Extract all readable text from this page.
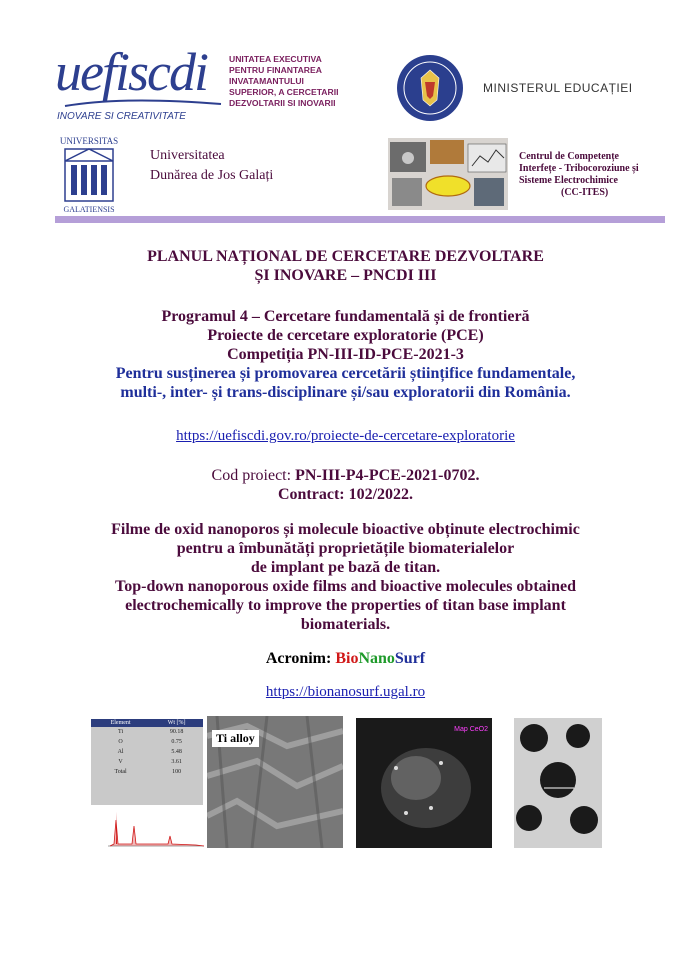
uefiscdi
INOVARE SI CREATIVITATE
UNITATEA EXECUTIVA
PENTRU FINANTAREA
INVATAMANTULUI
SUPERIOR, A CERCETARII
DEZVOLTARII SI INOVARII
MINISTERUL EDUCAȚIEI
UNIVERSITAS
GALATIENSIS
Universitatea
Dunărea de Jos Galați
Centrul de Competențe
Interfețe - Tribocoroziune și
Sisteme Electrochimice
(CC-ITES)
PLANUL NAȚIONAL DE CERCETARE DEZVOLTARE
ȘI INOVARE – PNCDI III
Programul 4 – Cercetare fundamentală și de frontieră
Proiecte de cercetare exploratorie (PCE)
Competiția PN-III-ID-PCE-2021-3
Pentru susținerea și promovarea cercetării științifice fundamentale,
multi-, inter- și trans-disciplinare și/sau exploratorii din România.
https://uefiscdi.gov.ro/proiecte-de-cercetare-exploratorie
Cod proiect: PN-III-P4-PCE-2021-0702.
Contract: 102/2022.
Filme de oxid nanoporos și molecule bioactive obținute electrochimic
pentru a îmbunătăți proprietățile biomaterialelor
de implant pe bază de titan.
Top-down nanoporous oxide films and bioactive molecules obtained
electrochemically to improve the properties of titan base implant
biomaterials.
Acronim: BioNanoSurf
https://bionanosurf.ugal.ro
Element	Wt [%]
Ti	90.18
O	0.75
Al	5.48
V	3.61
Total	100
Ti alloy
Map CeO2
